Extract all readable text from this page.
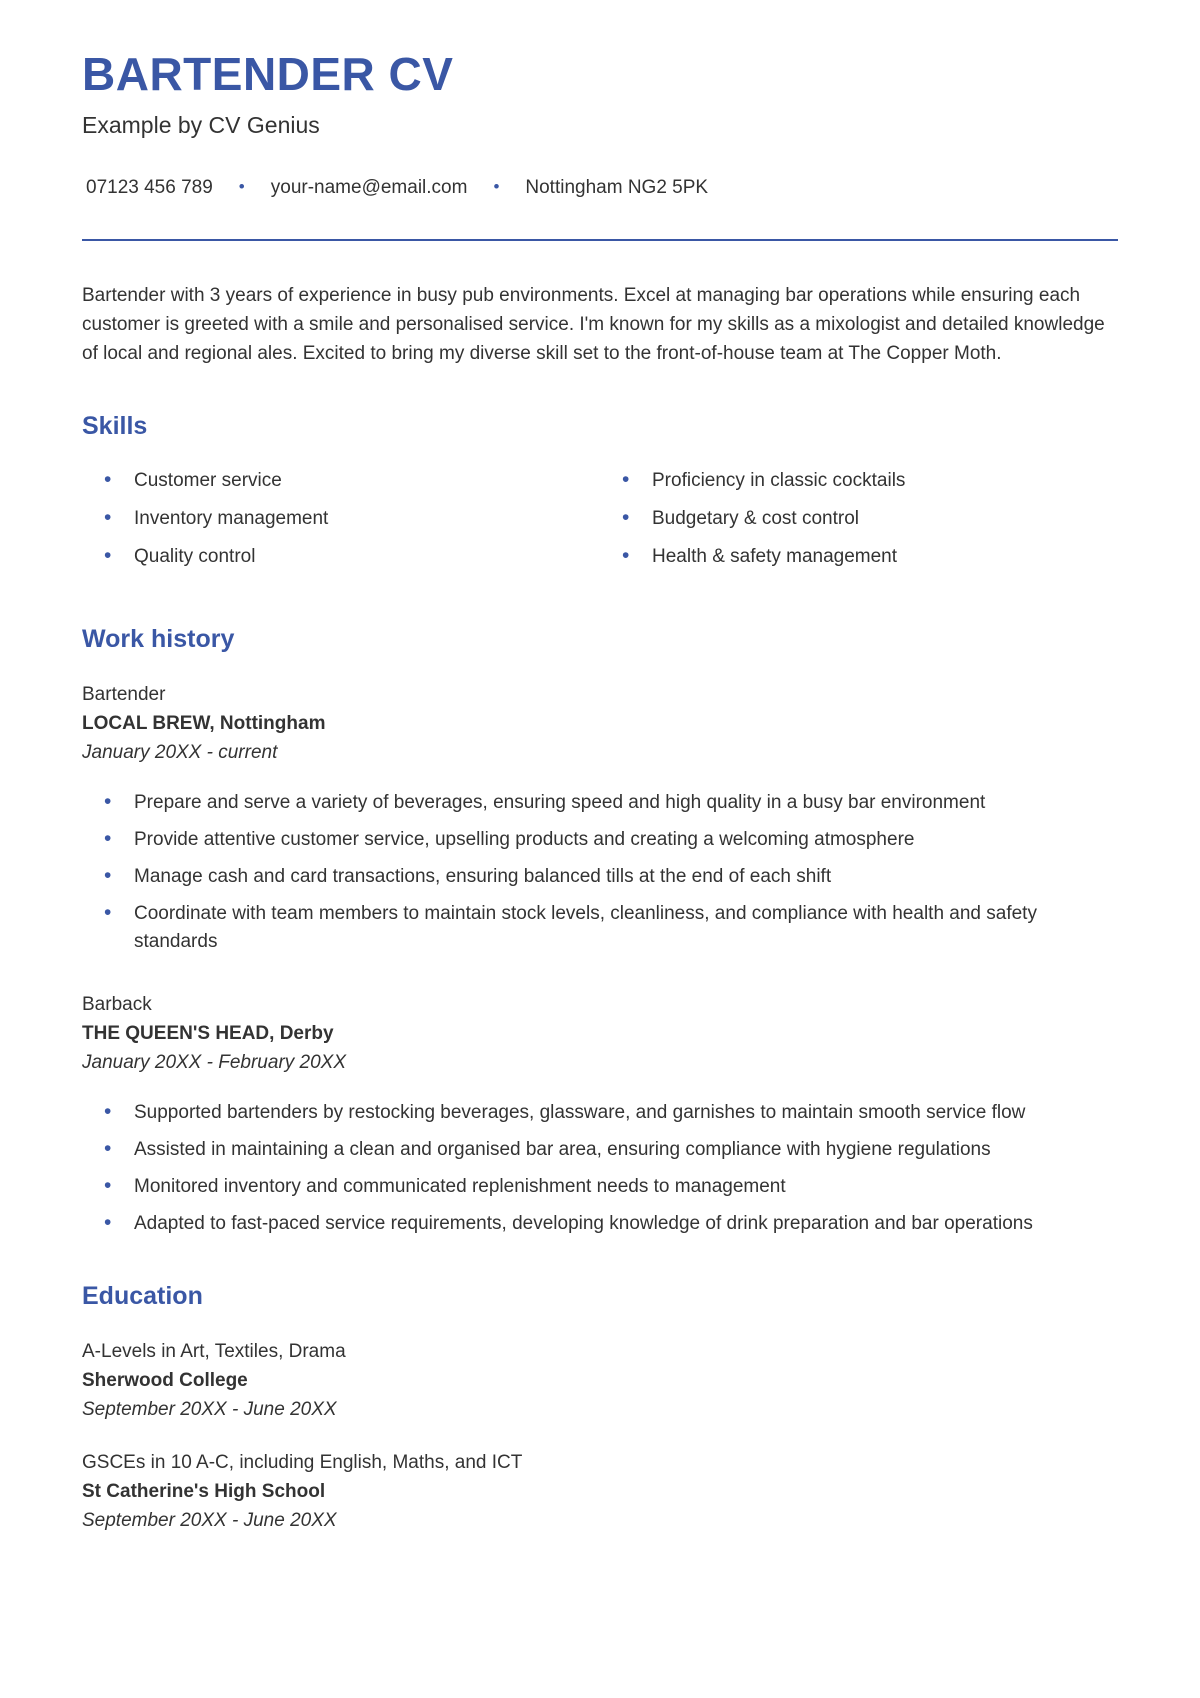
BARTENDER CV
Example by CV Genius
07123 456 789 • your-name@email.com • Nottingham NG2 5PK

Bartender with 3 years of experience in busy pub environments. Excel at managing bar operations while ensuring each customer is greeted with a smile and personalised service. I'm known for my skills as a mixologist and detailed knowledge of local and regional ales. Excited to bring my diverse skill set to the front-of-house team at The Copper Moth.

Skills
• Customer service
• Inventory management
• Quality control
• Proficiency in classic cocktails
• Budgetary & cost control
• Health & safety management
Work history
Bartender
LOCAL BREW, Nottingham
January 20XX - current
• Prepare and serve a variety of beverages, ensuring speed and high quality in a busy bar environment
• Provide attentive customer service, upselling products and creating a welcoming atmosphere
• Manage cash and card transactions, ensuring balanced tills at the end of each shift
• Coordinate with team members to maintain stock levels, cleanliness, and compliance with health and safety standards
Barback
THE QUEEN'S HEAD, Derby
January 20XX - February 20XX
• Supported bartenders by restocking beverages, glassware, and garnishes to maintain smooth service flow
• Assisted in maintaining a clean and organised bar area, ensuring compliance with hygiene regulations
• Monitored inventory and communicated replenishment needs to management
• Adapted to fast-paced service requirements, developing knowledge of drink preparation and bar operations
Education
A-Levels in Art, Textiles, Drama
Sherwood College
September 20XX - June 20XX
GSCEs in 10 A-C, including English, Maths, and ICT
St Catherine's High School
September 20XX - June 20XX
